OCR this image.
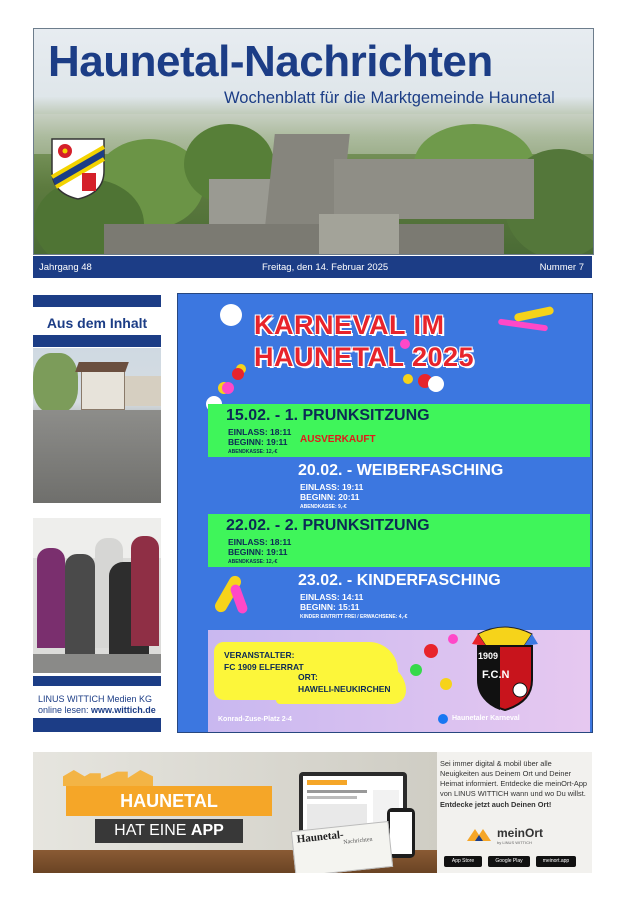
Haunetal-Nachrichten
Wochenblatt für die Marktgemeinde Haunetal
Jahrgang 48	Freitag, den 14. Februar 2025	Nummer 7
Aus dem Inhalt
LINUS WITTICH Medien KG
online lesen: www.wittich.de
KARNEVAL IM
HAUNETAL 2025
15.02. - 1. PRUNKSITZUNG
EINLASS: 18:11
BEGINN: 19:11 AUSVERKAUFT
ABENDKASSE: 12,-€
20.02. - WEIBERFASCHING
EINLASS: 19:11
BEGINN: 20:11
ABENDKASSE: 9,-€
22.02. - 2. PRUNKSITZUNG
EINLASS: 18:11
BEGINN: 19:11
ABENDKASSE: 12,-€
23.02. - KINDERFASCHING
EINLASS: 14:11
BEGINN: 15:11
KINDER EINTRITT FREI / ERWACHSENE: 4,-€
VERANSTALTER:
FC 1909 ELFERRAT
ORT:
HAWELI-NEUKIRCHEN
Konrad-Zuse-Platz 2-4	Haunetaler Karneval
1909
F.C.N
HAUNETAL
HAT EINE APP	Haunetal-
Nachrichten
Sei immer digital & mobil über alle Neuigkeiten aus Deinem Ort und Deiner Heimat informiert. Entdecke die meinOrt-App von LINUS WITTICH wann und wo Du willst.
Entdecke jetzt auch Deinen Ort!
meinOrt
by LINUS WITTICH
App Store	Google Play	meinort.app
